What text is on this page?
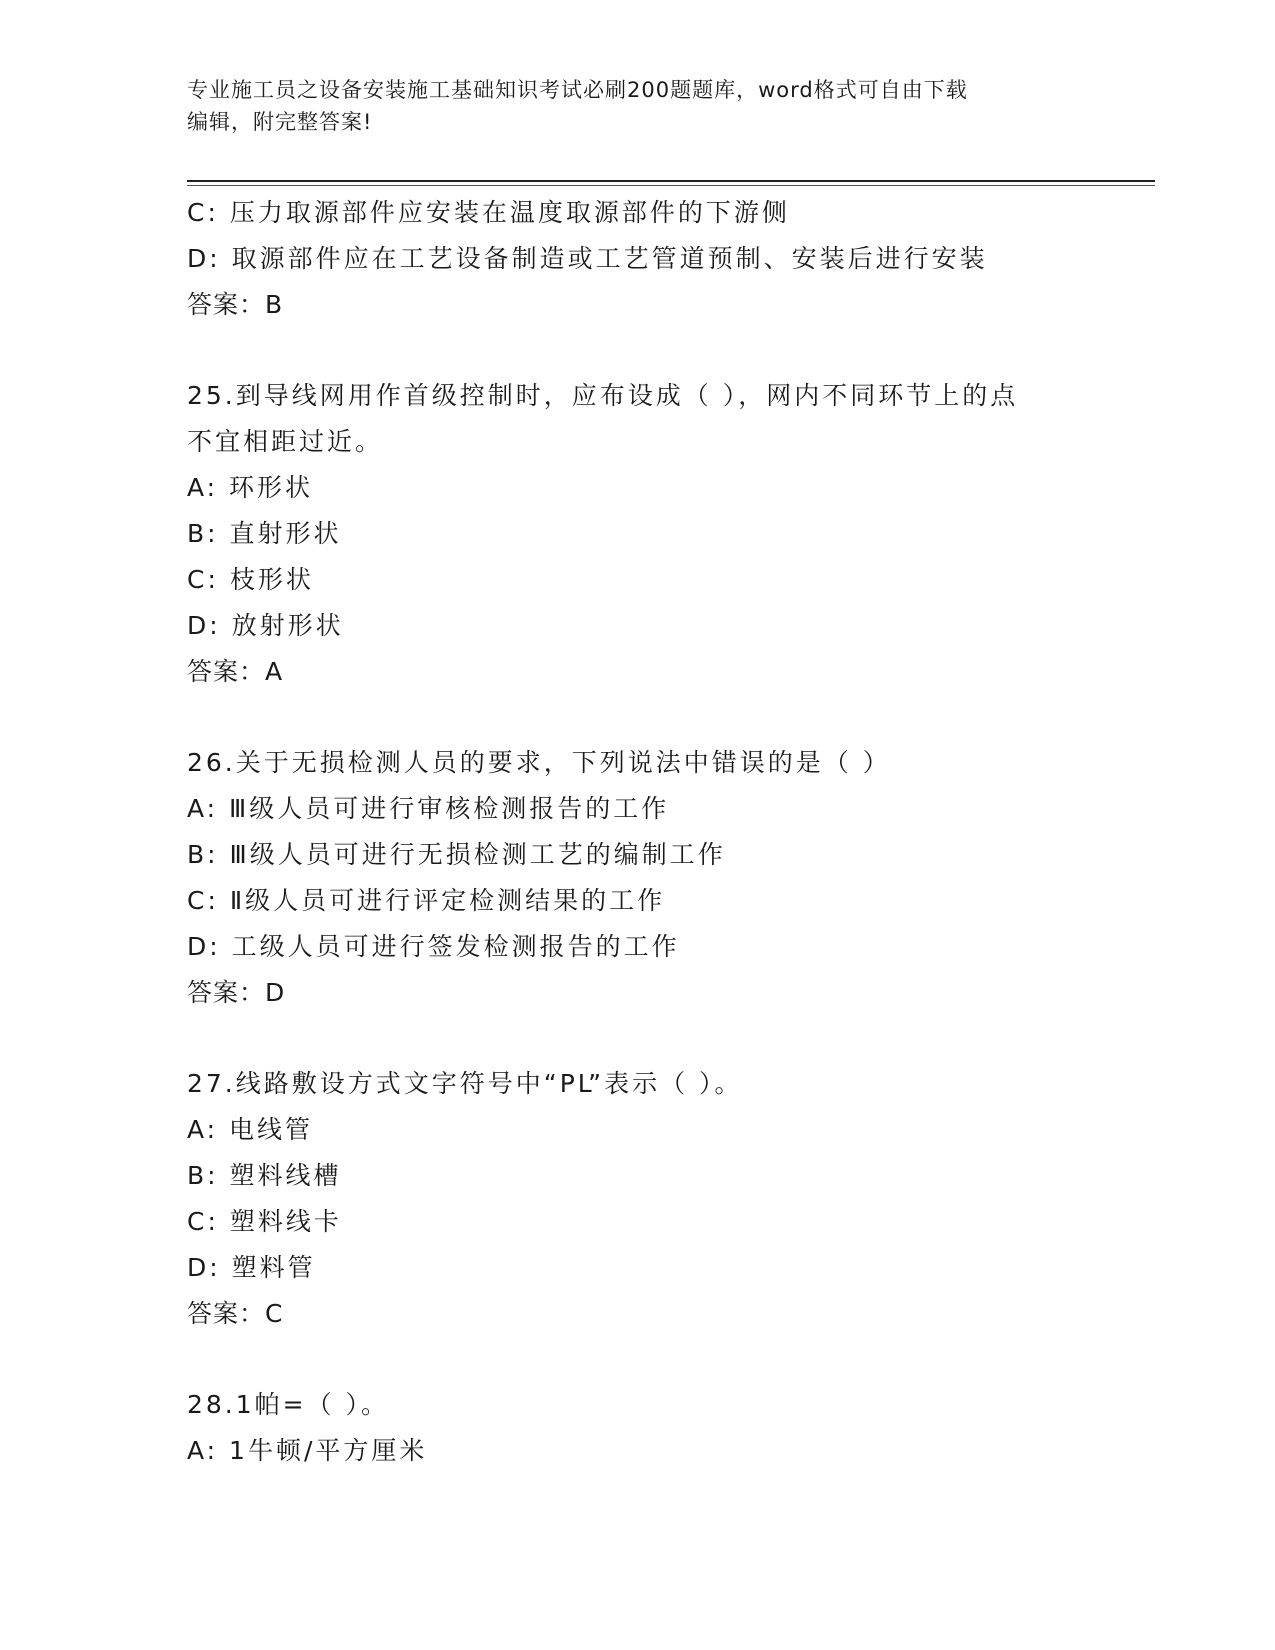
专业施工员之设备安装施工基础知识考试必刷200题题库，word格式可自由下载

编辑，附完整答案!

C: 压力取源部件应安装在温度取源部件的下游侧
D: 取源部件应在工艺设备制造或工艺管道预制、安装后进行安装
答案：B
25.到导线网用作首级控制时，应布设成（ ），网内不同环节上的点
不宜相距过近。
A: 环形状
B: 直射形状
C: 枝形状
D: 放射形状
答案：A
26.关于无损检测人员的要求，下列说法中错误的是（ ）
A: Ⅲ级人员可进行审核检测报告的工作
B: Ⅲ级人员可进行无损检测工艺的编制工作
C: Ⅱ级人员可进行评定检测结果的工作
D: 工级人员可进行签发检测报告的工作
答案：D
27.线路敷设方式文字符号中“PL”表示（ ）。
A: 电线管
B: 塑料线槽
C: 塑料线卡
D: 塑料管
答案：C
28.1帕=（ ）。
A: 1牛顿/平方厘米
